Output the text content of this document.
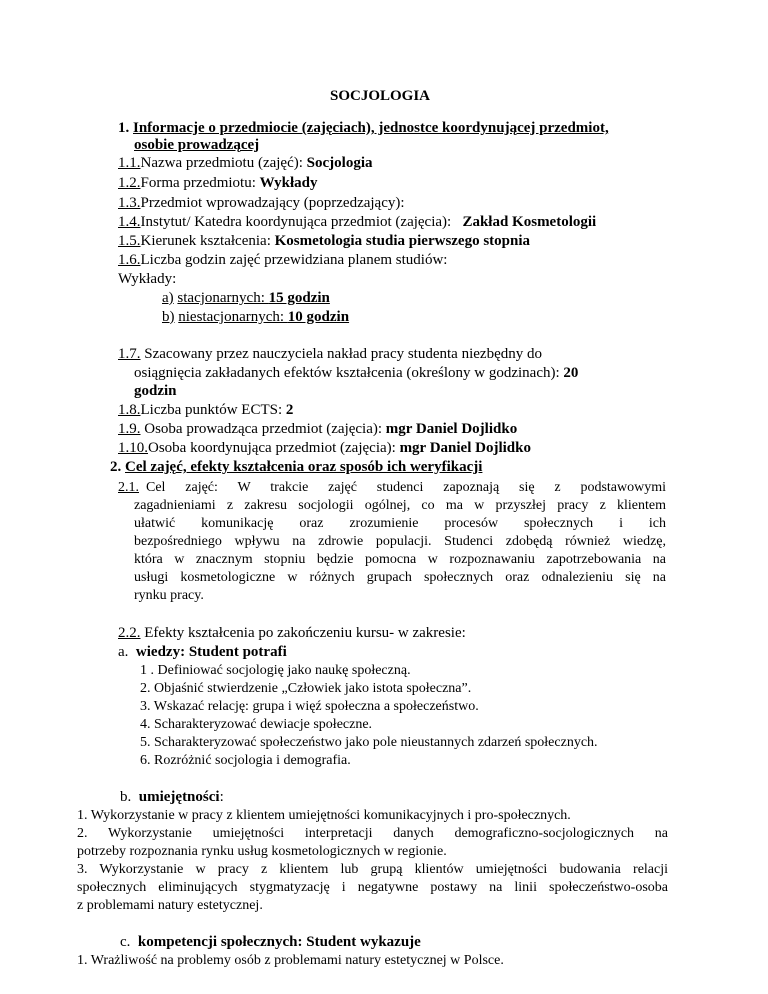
SOCJOLOGIA
1. Informacje o przedmiocie (zajęciach), jednostce koordynującej przedmiot,
osobie prowadzącej
1.1.Nazwa przedmiotu (zajęć): Socjologia
1.2.Forma przedmiotu: Wykłady
1.3.Przedmiot wprowadzający (poprzedzający):
1.4.Instytut/ Katedra koordynująca przedmiot (zajęcia):   Zakład Kosmetologii
1.5.Kierunek kształcenia: Kosmetologia studia pierwszego stopnia
1.6.Liczba godzin zajęć przewidziana planem studiów:
Wykłady:
a) stacjonarnych: 15 godzin
b) niestacjonarnych: 10 godzin
1.7. Szacowany przez nauczyciela nakład pracy studenta niezbędny do
osiągnięcia zakładanych efektów kształcenia (określony w godzinach): 20
godzin
1.8.Liczba punktów ECTS: 2
1.9. Osoba prowadząca przedmiot (zajęcia): mgr Daniel Dojlidko
1.10.Osoba koordynująca przedmiot (zajęcia): mgr Daniel Dojlidko
2. Cel zajęć, efekty kształcenia oraz sposób ich weryfikacji
2.1. Cel zajęć: W trakcie zajęć studenci zapoznają się z podstawowymi
zagadnieniami z zakresu socjologii ogólnej, co ma w przyszłej pracy z klientem
ułatwić komunikację oraz zrozumienie procesów społecznych i ich
bezpośredniego wpływu na zdrowie populacji. Studenci zdobędą również wiedzę,
która w znacznym stopniu będzie pomocna w rozpoznawaniu zapotrzebowania na
usługi kosmetologiczne w różnych grupach społecznych oraz odnalezieniu się na
rynku pracy.
2.2. Efekty kształcenia po zakończeniu kursu- w zakresie:
a. wiedzy: Student potrafi
1 . Definiować socjologię jako naukę społeczną.
2. Objaśnić stwierdzenie „Człowiek jako istota społeczna”.
3. Wskazać relację: grupa i więź społeczna a społeczeństwo.
4. Scharakteryzować dewiacje społeczne.
5. Scharakteryzować społeczeństwo jako pole nieustannych zdarzeń społecznych.
6. Rozróżnić socjologia i demografia.
b. umiejętności:
1. Wykorzystanie w pracy z klientem umiejętności komunikacyjnych i pro-społecznych.
2. Wykorzystanie umiejętności interpretacji danych demograficzno-socjologicznych na
potrzeby rozpoznania rynku usług kosmetologicznych w regionie.
3. Wykorzystanie w pracy z klientem lub grupą klientów umiejętności budowania relacji
społecznych eliminujących stygmatyzację i negatywne postawy na linii społeczeństwo-osoba
z problemami natury estetycznej.
c. kompetencji społecznych: Student wykazuje
1. Wrażliwość na problemy osób z problemami natury estetycznej w Polsce.
